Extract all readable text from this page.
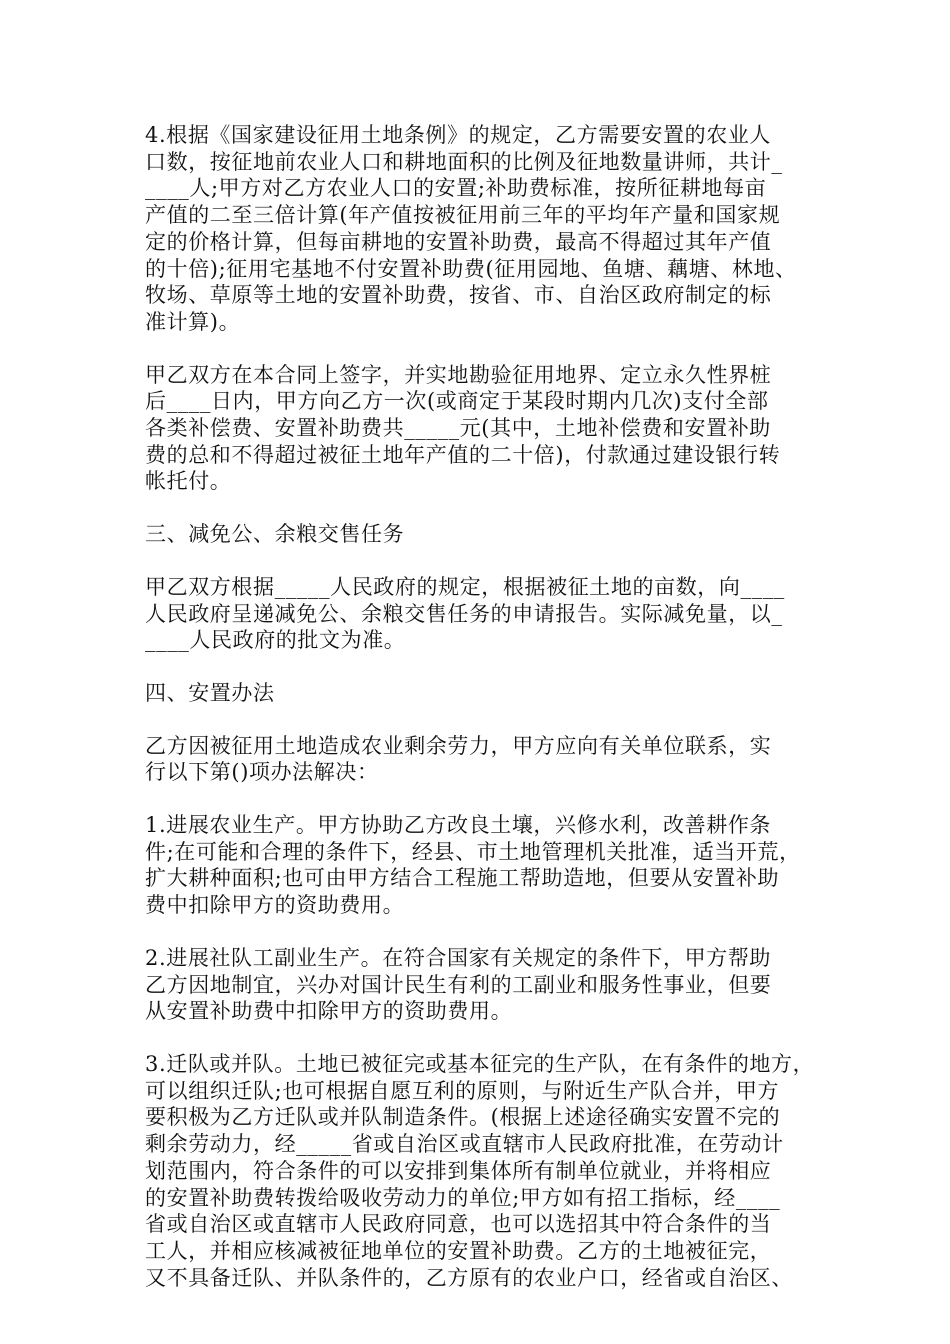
4.根据《国家建设征用土地条例》的规定，乙方需要安置的农业人
口数，按征地前农业人口和耕地面积的比例及征地数量讲师，共计_
____人;甲方对乙方农业人口的安置;补助费标准，按所征耕地每亩
产值的二至三倍计算(年产值按被征用前三年的平均年产量和国家规
定的价格计算，但每亩耕地的安置补助费，最高不得超过其年产值
的十倍);征用宅基地不付安置补助费(征用园地、鱼塘、藕塘、林地、
牧场、草原等土地的安置补助费，按省、市、自治区政府制定的标
准计算)。
甲乙双方在本合同上签字，并实地勘验征用地界、定立永久性界桩
后____日内，甲方向乙方一次(或商定于某段时期内几次)支付全部
各类补偿费、安置补助费共_____元(其中，土地补偿费和安置补助
费的总和不得超过被征土地年产值的二十倍)，付款通过建设银行转
帐托付。
三、减免公、余粮交售任务
甲乙双方根据_____人民政府的规定，根据被征土地的亩数，向____
人民政府呈递减免公、余粮交售任务的申请报告。实际减免量，以_
____人民政府的批文为准。
四、安置办法
乙方因被征用土地造成农业剩余劳力，甲方应向有关单位联系，实
行以下第()项办法解决：
1.进展农业生产。甲方协助乙方改良土壤，兴修水利，改善耕作条
件;在可能和合理的条件下，经县、市土地管理机关批准，适当开荒，
扩大耕种面积;也可由甲方结合工程施工帮助造地，但要从安置补助
费中扣除甲方的资助费用。
2.进展社队工副业生产。在符合国家有关规定的条件下，甲方帮助
乙方因地制宜，兴办对国计民生有利的工副业和服务性事业，但要
从安置补助费中扣除甲方的资助费用。
3.迁队或并队。土地已被征完或基本征完的生产队，在有条件的地方，
可以组织迁队;也可根据自愿互利的原则，与附近生产队合并，甲方
要积极为乙方迁队或并队制造条件。(根据上述途径确实安置不完的
剩余劳动力，经_____省或自治区或直辖市人民政府批准，在劳动计
划范围内，符合条件的可以安排到集体所有制单位就业，并将相应
的安置补助费转拨给吸收劳动力的单位;甲方如有招工指标，经____
省或自治区或直辖市人民政府同意，也可以选招其中符合条件的当
工人，并相应核减被征地单位的安置补助费。乙方的土地被征完，
又不具备迁队、并队条件的，乙方原有的农业户口，经省或自治区、
